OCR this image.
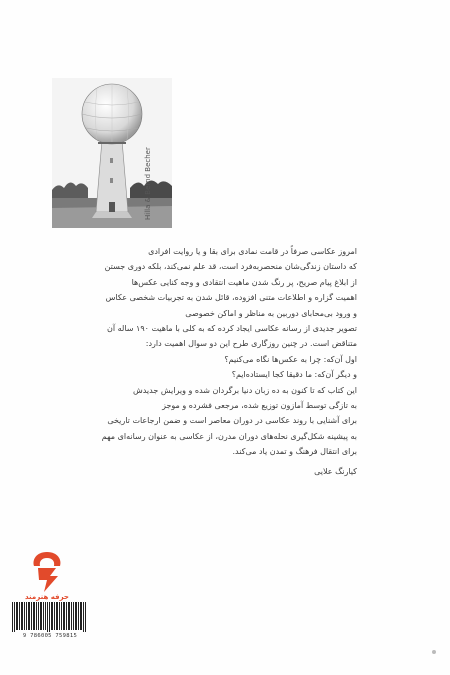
Hilla & Bernd Becher

امروز عکاسی صرفاً در قامت نمادی برای بقا و یا روایت افرادی

که داستان زندگی‌شان منحصر‌به‌فرد است، قد علم نمی‌کند، بلکه دوری جستن

از ابلاغ پیام صریح، پر رنگ شدن ماهیت انتقادی و وجه کنایی عکس‌ها

اهمیت گزاره و اطلاعات متنی افزوده، قائل شدن به تجربیات شخصی عکاس

و ورود بی‌محابای دوربین به مناظر و اماکن خصوصی

تصویر جدیدی از رسانه عکاسی ایجاد کرده که به کلی با ماهیت ۱۹۰ ساله آن

متناقض است. در چنین روزگاری طرح این دو سوال اهمیت دارد:

اول آن‌که: چرا به عکس‌ها نگاه می‌کنیم؟

و دیگر آن‌که: ما دقیقا کجا ایستاده‌ایم؟

این کتاب که تا کنون به ده زبان دنیا برگردان شده و ویرایش جدیدش

به تازگی توسط آمازون توزیع شده، مرجعی فشرده و موجز

برای آشنایی با روند عکاسی در دوران معاصر است و ضمن ارجاعات تاریخی

به پیشینه شکل‌گیری نحله‌های دوران مدرن، از عکاسی به عنوان رسانه‌ای مهم

برای انتقال فرهنگ و تمدن یاد می‌کند.

کیارنگ علایی

حرفه هنرمند
9 786005 759815
